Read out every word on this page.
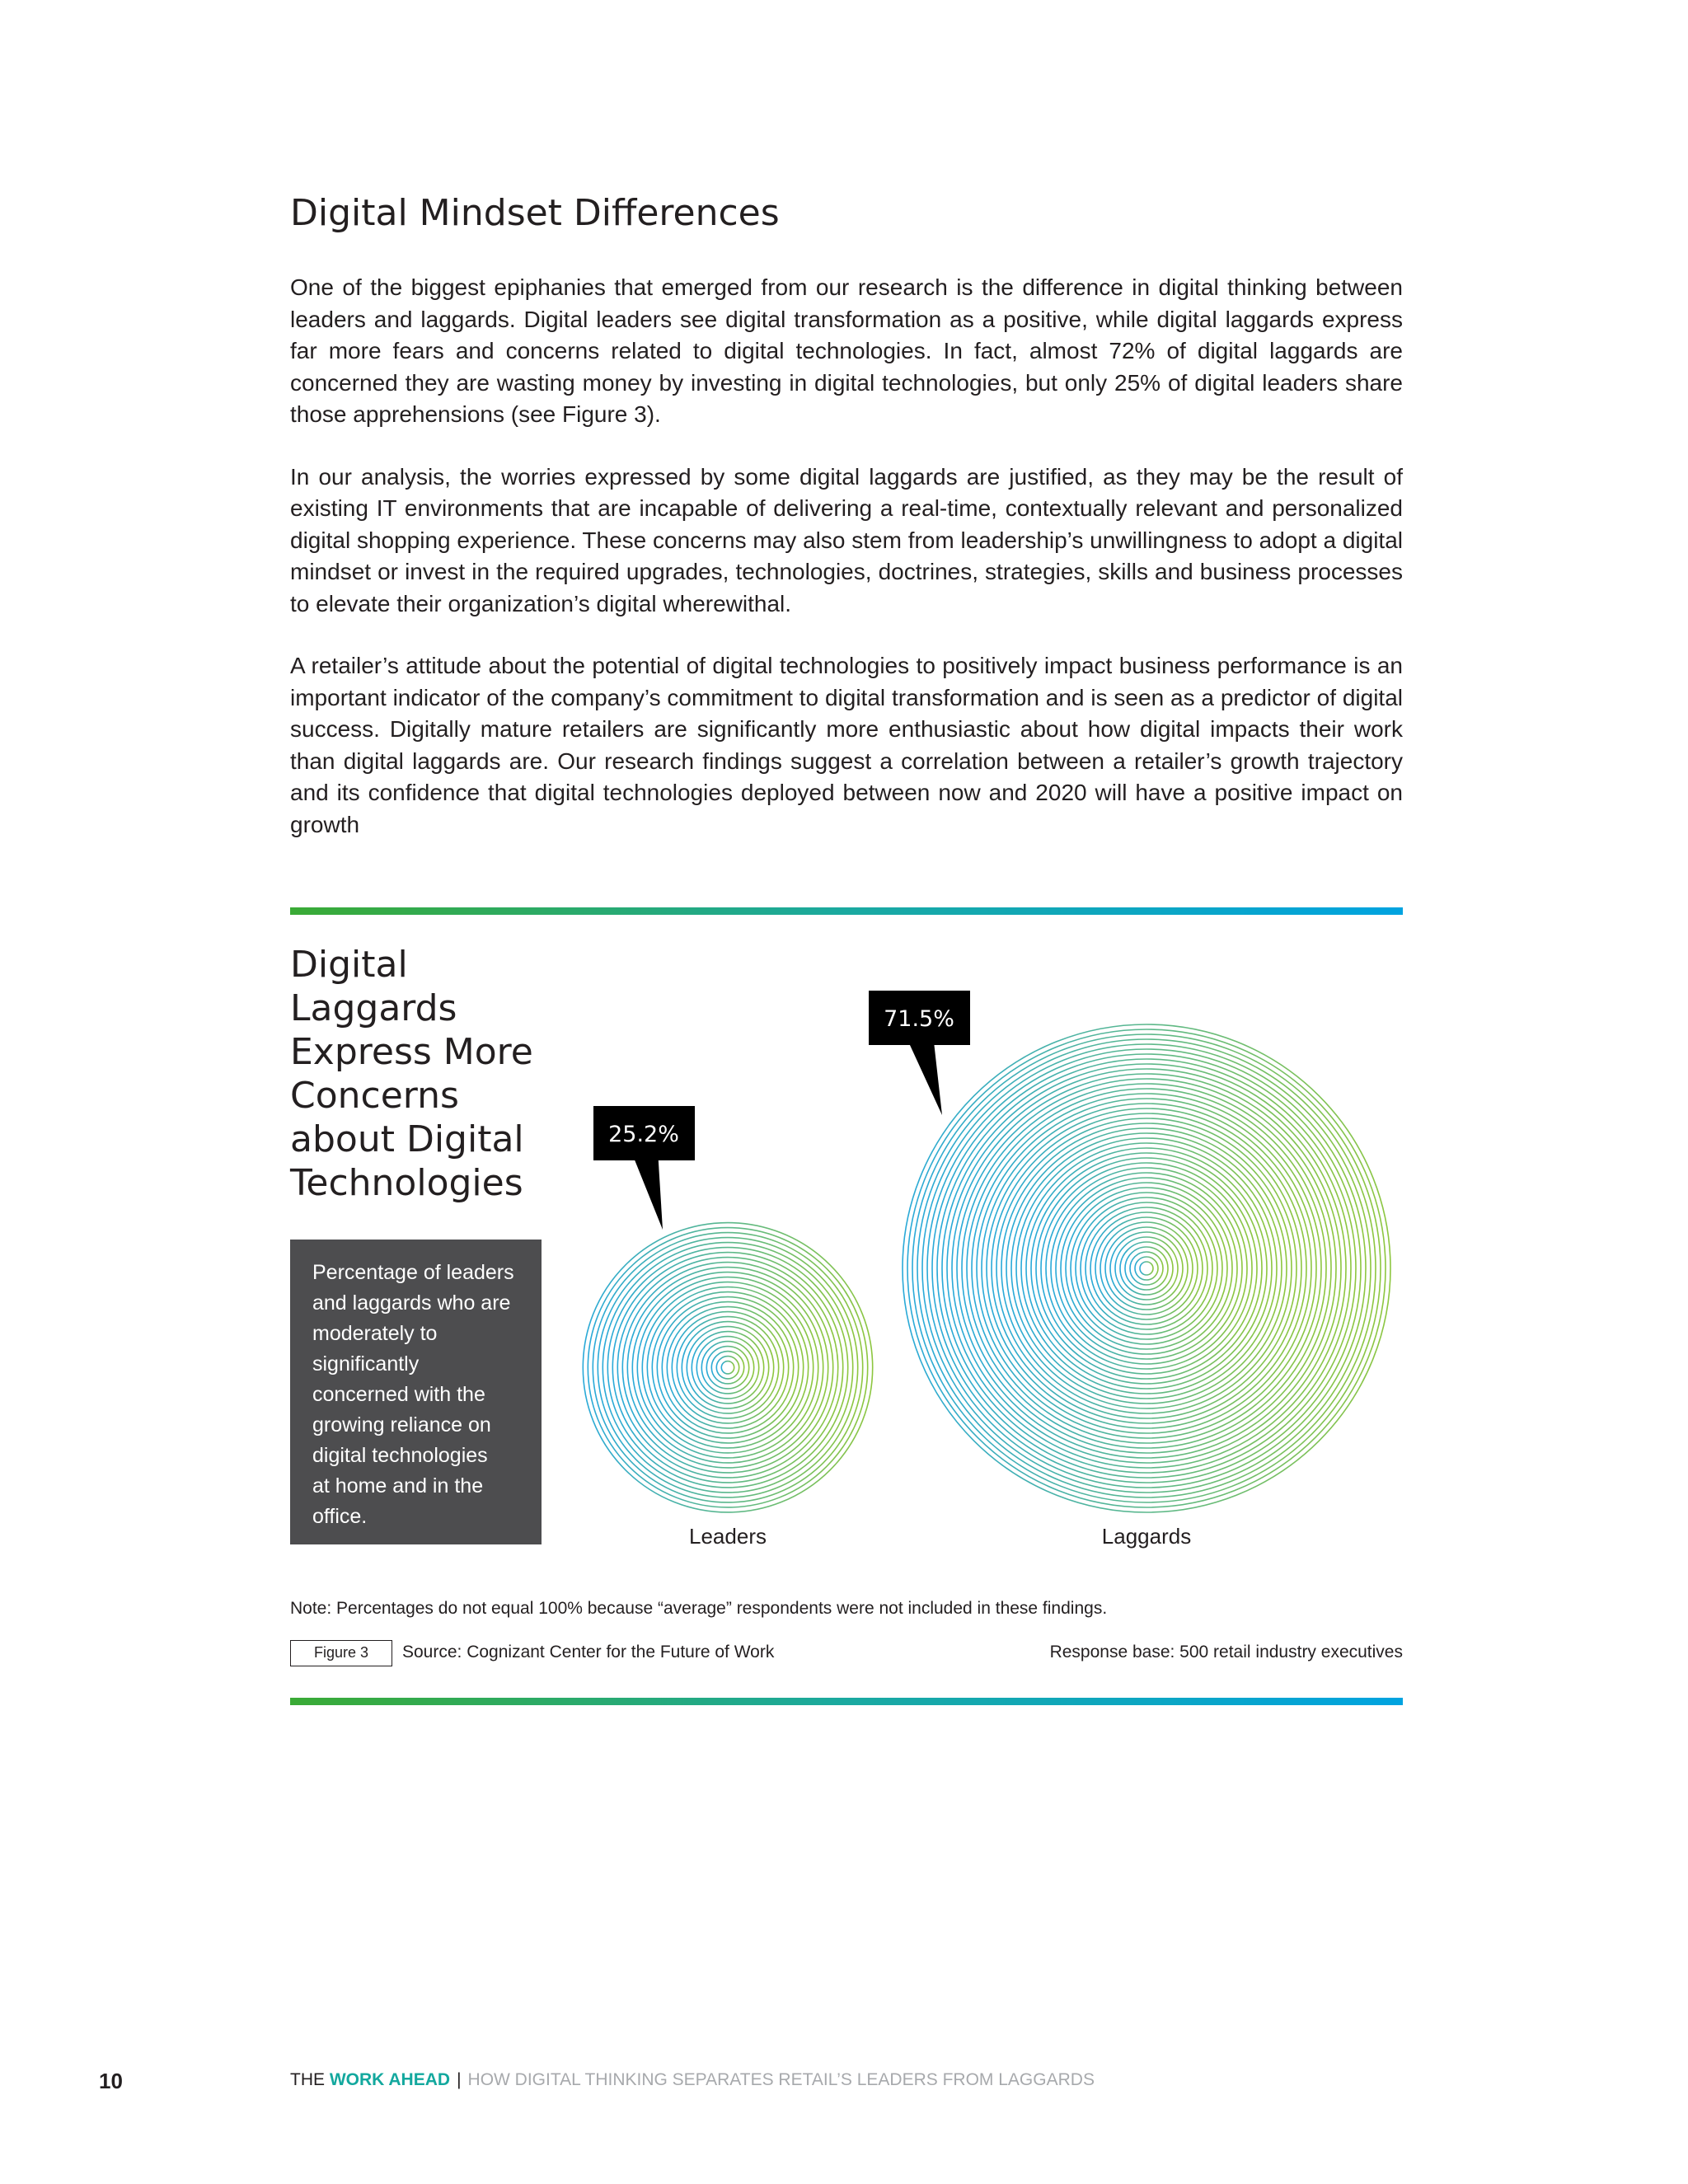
Digital Mindset Differences

One of the biggest epiphanies that emerged from our research is the difference in digital thinking between leaders and laggards. Digital leaders see digital transformation as a positive, while digital laggards express far more fears and concerns related to digital technologies. In fact, almost 72% of digital laggards are concerned they are wasting money by investing in digital technologies, but only 25% of digital leaders share those apprehensions (see Figure 3).

In our analysis, the worries expressed by some digital laggards are justified, as they may be the result of existing IT environments that are incapable of delivering a real-time, contextually relevant and personalized digital shopping experience. These concerns may also stem from leadership’s unwillingness to adopt a digital mindset or invest in the required upgrades, technologies, doctrines, strategies, skills and business processes to elevate their organization’s digital wherewithal.

A retailer’s attitude about the potential of digital technologies to positively impact business performance is an important indicator of the company’s commitment to digital transformation and is seen as a predictor of digital success. Digitally mature retailers are significantly more enthusiastic about how digital impacts their work than digital laggards are. Our research findings suggest a correlation between a retailer’s growth trajectory and its confidence that digital technologies deployed between now and 2020 will have a positive impact on growth

Digital
Laggards
Express More
Concerns
about Digital
Technologies
Percentage of leaders
and laggards who are
moderately to
significantly
concerned with the
growing reliance on
digital technologies
at home and in the
office.
25.2%
71.5%
Leaders	Laggards
Note: Percentages do not equal 100% because “average” respondents were not included in these findings.
Figure 3	Source: Cognizant Center for the Future of Work	Response base: 500 retail industry executives
10	THE WORK AHEAD | HOW DIGITAL THINKING SEPARATES RETAIL’S LEADERS FROM LAGGARDS
